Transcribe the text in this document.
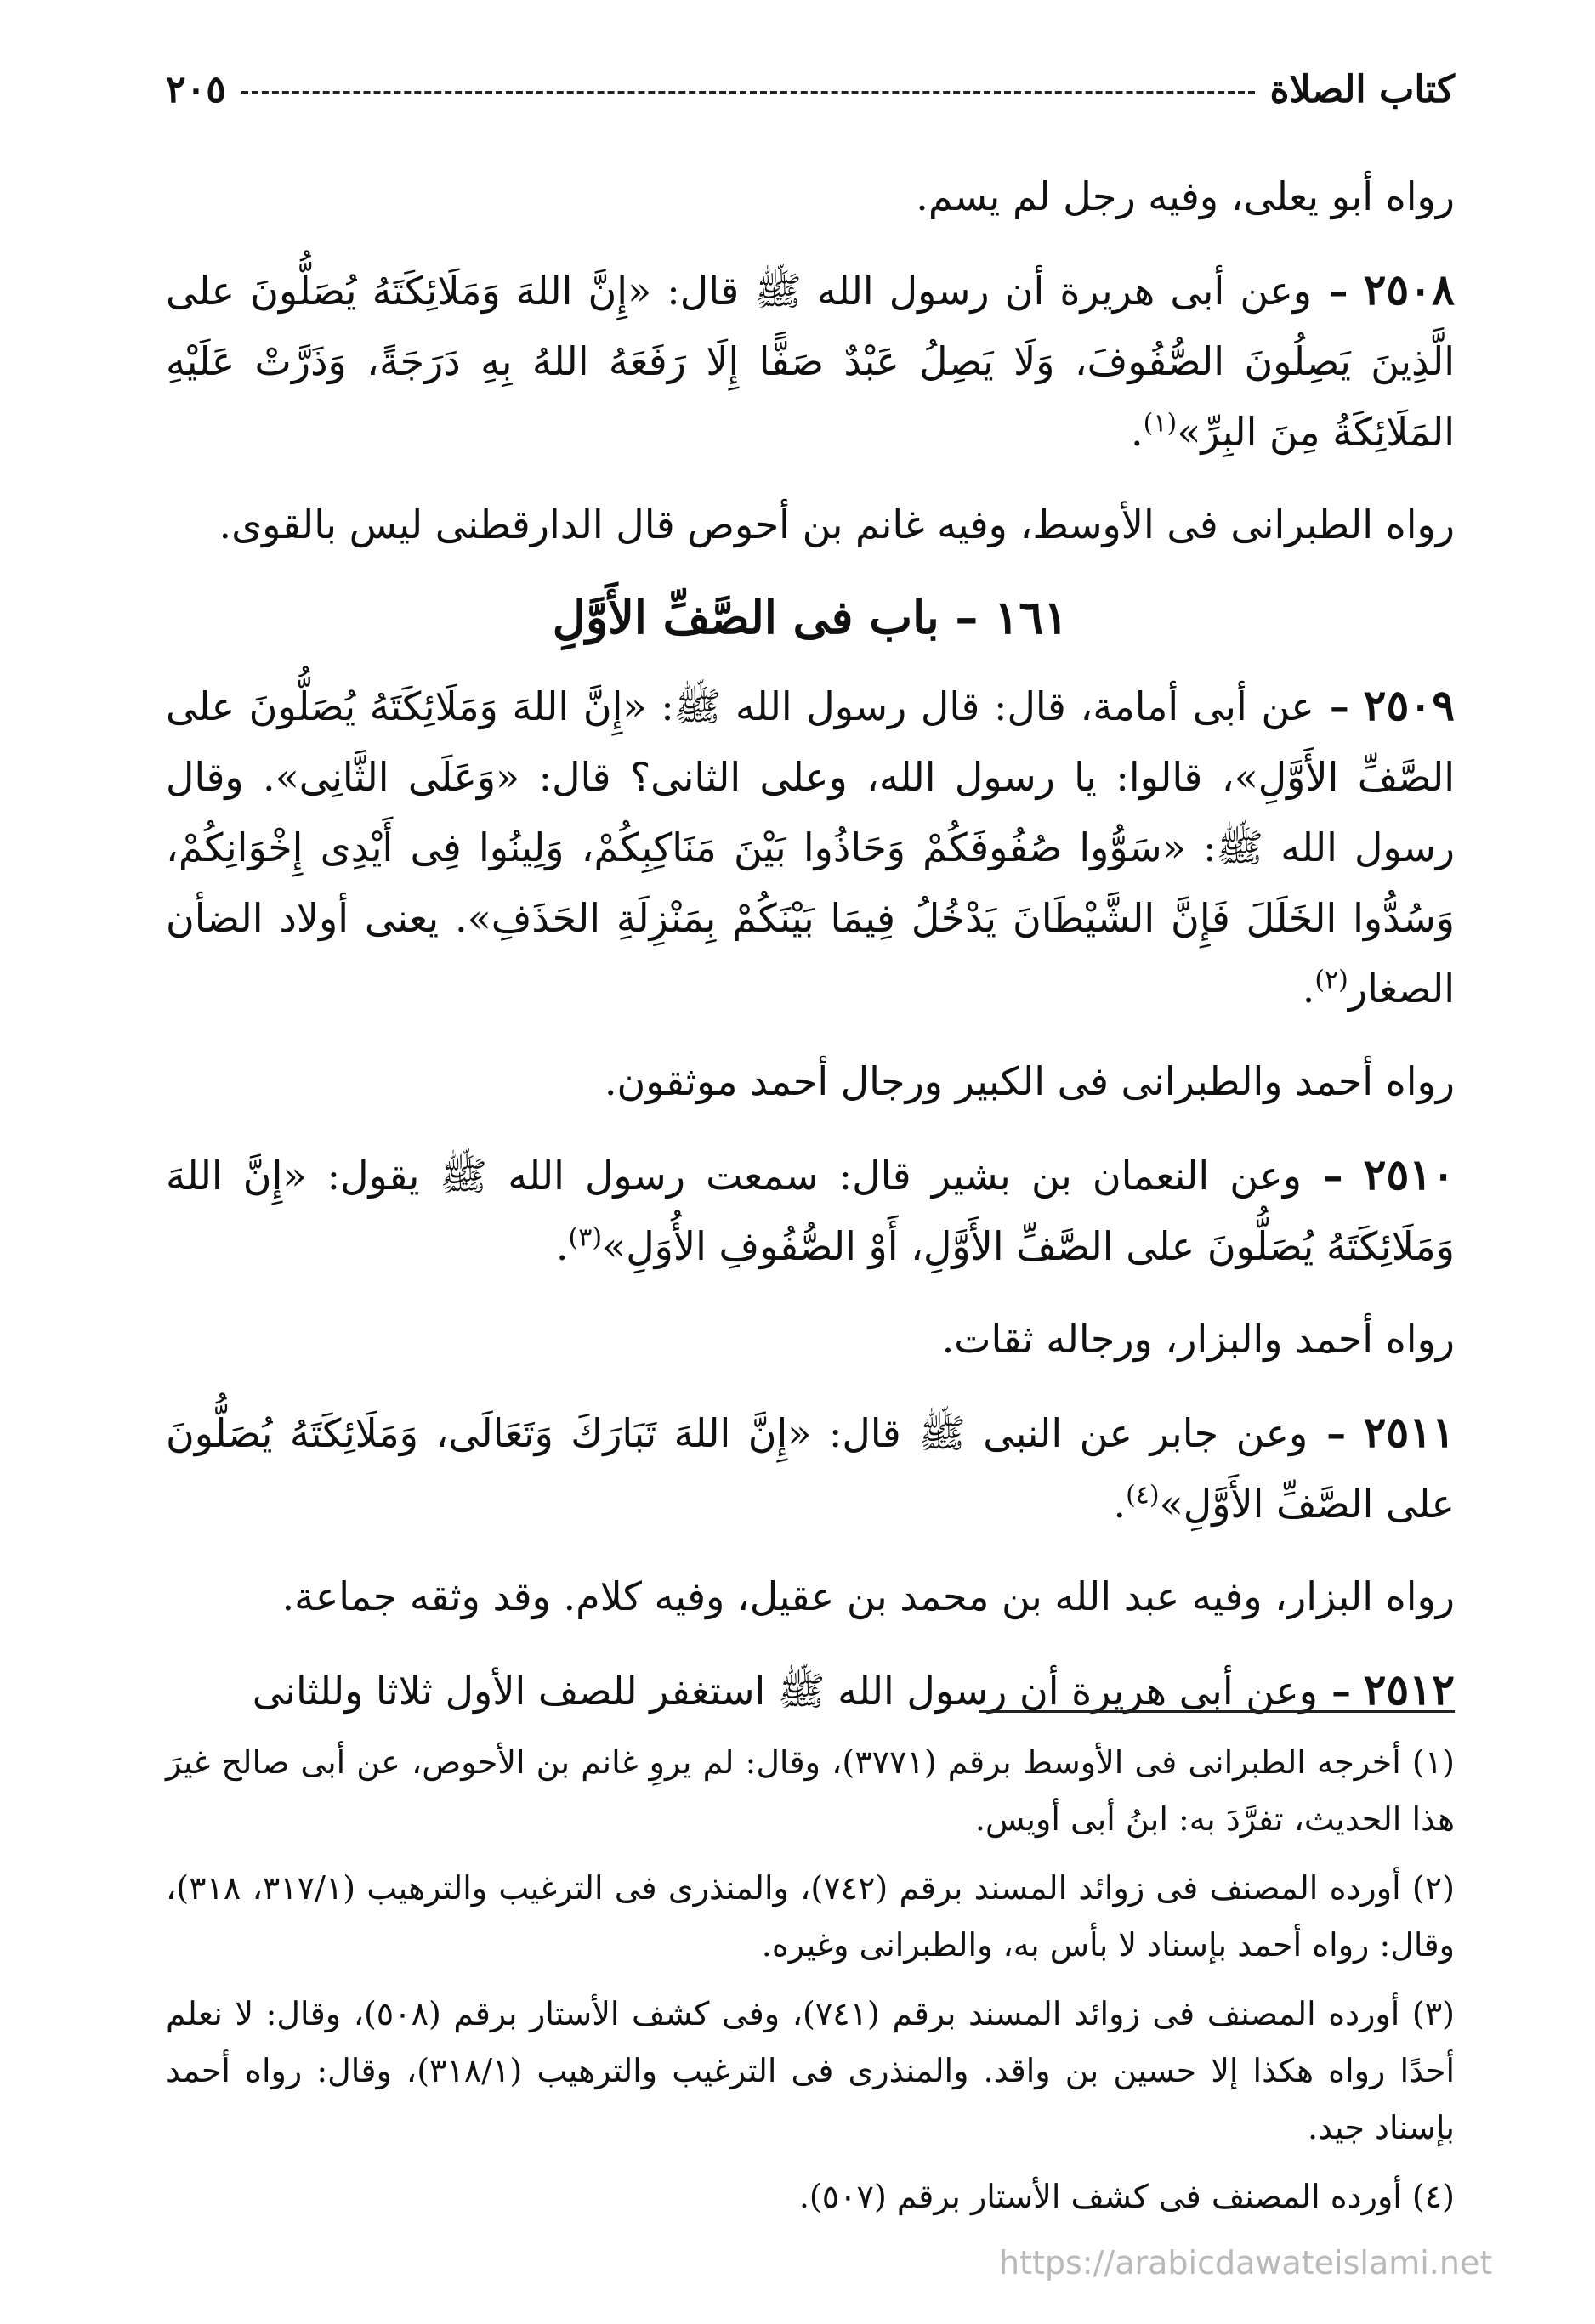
كتاب الصلاة
٢٠٥

رواه أبو يعلى، وفيه رجل لم يسم.

٢٥٠٨ – وعن أبى هريرة أن رسول الله ﷺ قال: «إِنَّ اللهَ وَمَلَائِكَتَهُ يُصَلُّونَ على الَّذِينَ يَصِلُونَ الصُّفُوفَ، وَلَا يَصِلُ عَبْدٌ صَفًّا إِلَا رَفَعَهُ اللهُ بِهِ دَرَجَةً، وَذَرَّتْ عَلَيْهِ المَلَائِكَةُ مِنَ البِرِّ»$^{(١)}$.

رواه الطبرانى فى الأوسط، وفيه غانم بن أحوص قال الدارقطنى ليس بالقوى.

١٦١ – باب فى الصَّفِّ الأَوَّلِ

٢٥٠٩ – عن أبى أمامة، قال: قال رسول الله ﷺ: «إِنَّ اللهَ وَمَلَائِكَتَهُ يُصَلُّونَ على الصَّفِّ الأَوَّلِ»، قالوا: يا رسول الله، وعلى الثانى؟ قال: «وَعَلَى الثَّانِى». وقال رسول الله ﷺ: «سَوُّوا صُفُوفَكُمْ وَحَاذُوا بَيْنَ مَنَاكِبِكُمْ، وَلِينُوا فِى أَيْدِى إِخْوَانِكُمْ، وَسُدُّوا الخَلَلَ فَإِنَّ الشَّيْطَانَ يَدْخُلُ فِيمَا بَيْنَكُمْ بِمَنْزِلَةِ الحَذَفِ». يعنى أولاد الضأن الصغار$^{(٢)}$.

رواه أحمد والطبرانى فى الكبير ورجال أحمد موثقون.

٢٥١٠ – وعن النعمان بن بشير قال: سمعت رسول الله ﷺ يقول: «إِنَّ اللهَ وَمَلَائِكَتَهُ يُصَلُّونَ على الصَّفِّ الأَوَّلِ، أَوْ الصُّفُوفِ الأُوَلِ»$^{(٣)}$.

رواه أحمد والبزار، ورجاله ثقات.

٢٥١١ – وعن جابر عن النبى ﷺ قال: «إِنَّ اللهَ تَبَارَكَ وَتَعَالَى، وَمَلَائِكَتَهُ يُصَلُّونَ على الصَّفِّ الأَوَّلِ»$^{(٤)}$.

رواه البزار، وفيه عبد الله بن محمد بن عقيل، وفيه كلام. وقد وثقه جماعة.

٢٥١٢ – وعن أبى هريرة أن رسول الله ﷺ استغفر للصف الأول ثلاثا وللثانى

(١) أخرجه الطبرانى فى الأوسط برقم (٣٧٧١)، وقال: لم يروِ غانم بن الأحوص، عن أبى صالح غيرَ هذا الحديث، تفرَّدَ به: ابنُ أبى أويس.

(٢) أورده المصنف فى زوائد المسند برقم (٧٤٢)، والمنذرى فى الترغيب والترهيب (٣١٧/١، ٣١٨)، وقال: رواه أحمد بإسناد لا بأس به، والطبرانى وغيره.

(٣) أورده المصنف فى زوائد المسند برقم (٧٤١)، وفى كشف الأستار برقم (٥٠٨)، وقال: لا نعلم أحدًا رواه هكذا إلا حسين بن واقد. والمنذرى فى الترغيب والترهيب (٣١٨/١)، وقال: رواه أحمد بإسناد جيد.

(٤) أورده المصنف فى كشف الأستار برقم (٥٠٧).

https://arabicdawateislami.net
